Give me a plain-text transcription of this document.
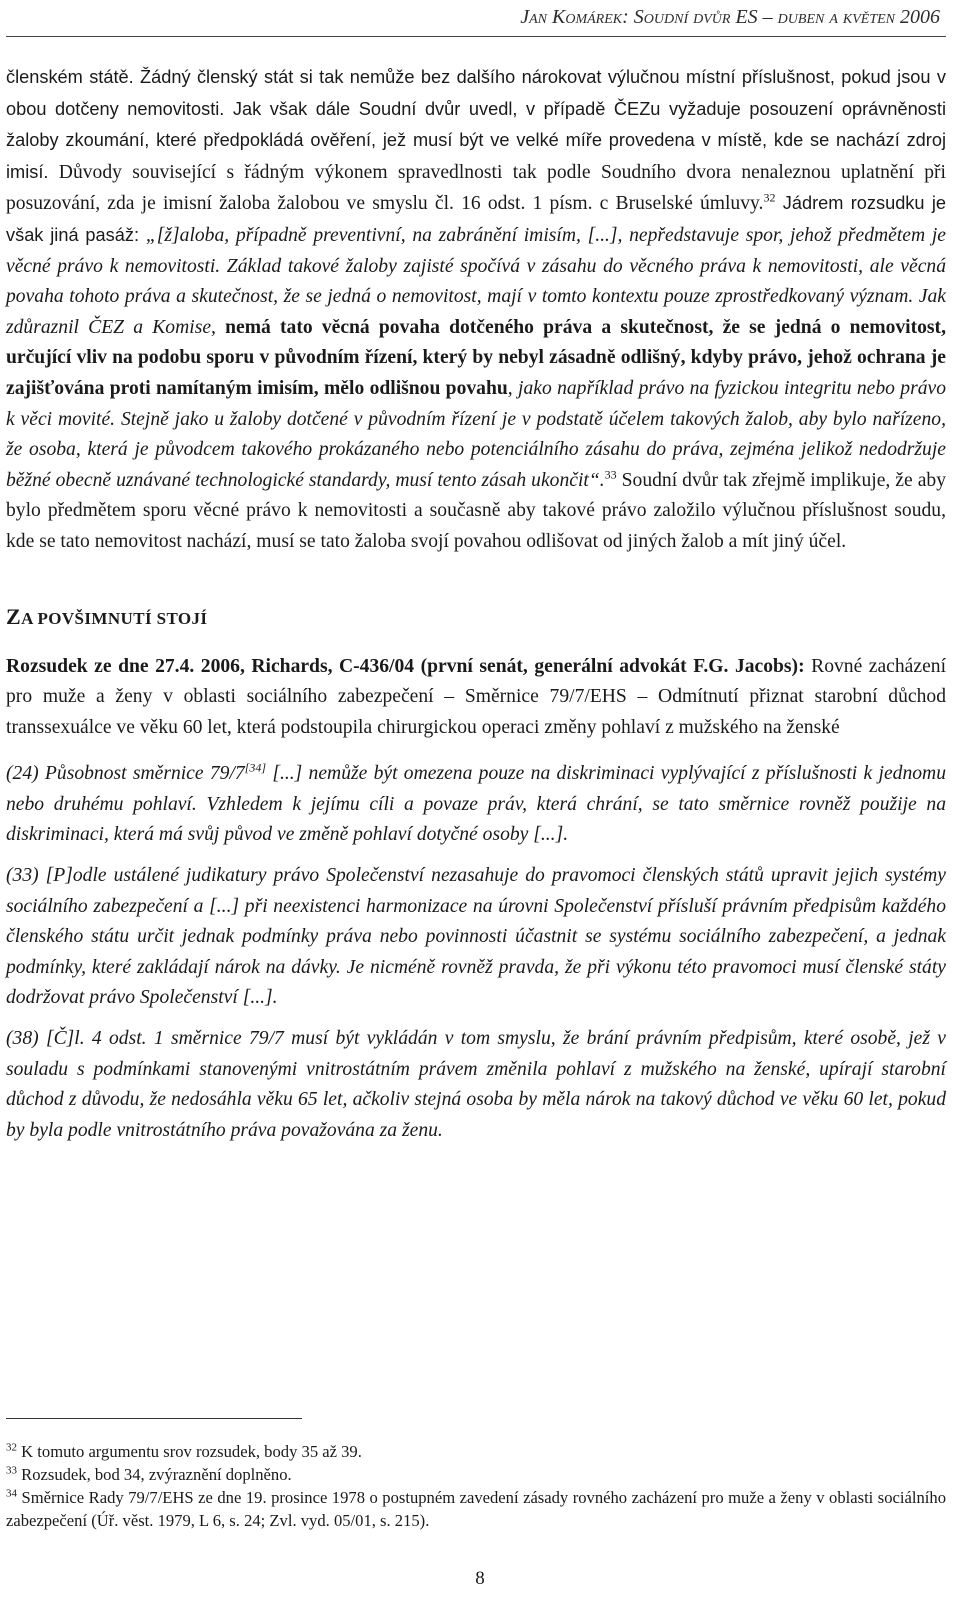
Jan Komárek: Soudní dvůr ES – duben a květen 2006

členském státě. Žádný členský stát si tak nemůže bez dalšího nárokovat výlučnou místní příslušnost, pokud jsou v obou dotčeny nemovitosti. Jak však dále Soudní dvůr uvedl, v případě ČEZu vyžaduje posouzení oprávněnosti žaloby zkoumání, které předpokládá ověření, jež musí být ve velké míře provedena v místě, kde se nachází zdroj imisí. Důvody související s řádným výkonem spravedlnosti tak podle Soudního dvora nenaleznou uplatnění při posuzování, zda je imisní žaloba žalobou ve smyslu čl. 16 odst. 1 písm. c Bruselské úmluvy.$^{32}$ Jádrem rozsudku je však jiná pasáž: „[ž]aloba, případně preventivní, na zabránění imisím, [...], nepředstavuje spor, jehož předmětem je věcné právo k nemovitosti. Základ takové žaloby zajisté spočívá v zásahu do věcného práva k nemovitosti, ale věcná povaha tohoto práva a skutečnost, že se jedná o nemovitost, mají v tomto kontextu pouze zprostředkovaný význam. Jak zdůraznil ČEZ a Komise, nemá tato věcná povaha dotčeného práva a skutečnost, že se jedná o nemovitost, určující vliv na podobu sporu v původním řízení, který by nebyl zásadně odlišný, kdyby právo, jehož ochrana je zajišťována proti namítaným imisím, mělo odlišnou povahu, jako například právo na fyzickou integritu nebo právo k věci movité. Stejně jako u žaloby dotčené v původním řízení je v podstatě účelem takových žalob, aby bylo nařízeno, že osoba, která je původcem takového prokázaného nebo potenciálního zásahu do práva, zejména jelikož nedodržuje běžné obecně uznávané technologické standardy, musí tento zásah ukončit“.$^{33}$ Soudní dvůr tak zřejmě implikuje, že aby bylo předmětem sporu věcné právo k nemovitosti a současně aby takové právo založilo výlučnou příslušnost soudu, kde se tato nemovitost nachází, musí se tato žaloba svojí povahou odlišovat od jiných žalob a mít jiný účel.

ZA POVŠIMNUTÍ STOJÍ

Rozsudek ze dne 27.4. 2006, Richards, C-436/04 (první senát, generální advokát F.G. Jacobs): Rovné zacházení pro muže a ženy v oblasti sociálního zabezpečení – Směrnice 79/7/EHS – Odmítnutí přiznat starobní důchod transsexuálce ve věku 60 let, která podstoupila chirurgickou operaci změny pohlaví z mužského na ženské

(24) Působnost směrnice 79/7[34] [...] nemůže být omezena pouze na diskriminaci vyplývající z příslušnosti k jednomu nebo druhému pohlaví. Vzhledem k jejímu cíli a povaze práv, která chrání, se tato směrnice rovněž použije na diskriminaci, která má svůj původ ve změně pohlaví dotyčné osoby [...].

(33) [P]odle ustálené judikatury právo Společenství nezasahuje do pravomoci členských států upravit jejich systémy sociálního zabezpečení a [...] při neexistenci harmonizace na úrovni Společenství přísluší právním předpisům každého členského státu určit jednak podmínky práva nebo povinnosti účastnit se systému sociálního zabezpečení, a jednak podmínky, které zakládají nárok na dávky. Je nicméně rovněž pravda, že při výkonu této pravomoci musí členské státy dodržovat právo Společenství [...].

(38) [Č]l. 4 odst. 1 směrnice 79/7 musí být vykládán v tom smyslu, že brání právním předpisům, které osobě, jež v souladu s podmínkami stanovenými vnitrostátním právem změnila pohlaví z mužského na ženské, upírají starobní důchod z důvodu, že nedosáhla věku 65 let, ačkoliv stejná osoba by měla nárok na takový důchod ve věku 60 let, pokud by byla podle vnitrostátního práva považována za ženu.

$^{32}$ K tomuto argumentu srov rozsudek, body 35 až 39.

$^{33}$ Rozsudek, bod 34, zvýraznění doplněno.

$^{34}$ Směrnice Rady 79/7/EHS ze dne 19. prosince 1978 o postupném zavedení zásady rovného zacházení pro muže a ženy v oblasti sociálního zabezpečení (Úř. věst. 1979, L 6, s. 24; Zvl. vyd. 05/01, s. 215).

8
